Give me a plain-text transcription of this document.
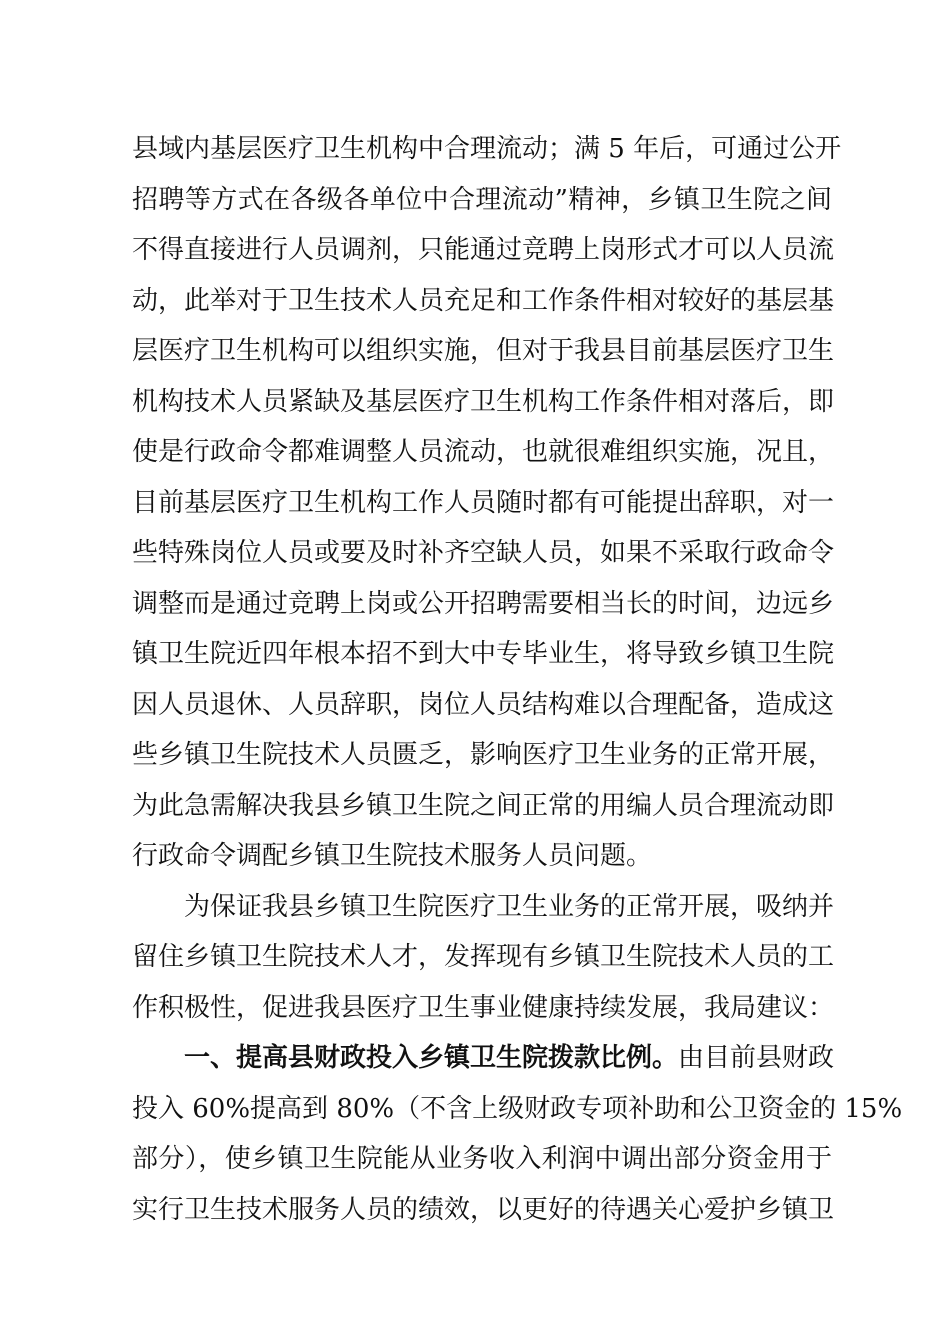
县域内基层医疗卫生机构中合理流动；满 5 年后，可通过公开
招聘等方式在各级各单位中合理流动”精神，乡镇卫生院之间
不得直接进行人员调剂，只能通过竞聘上岗形式才可以人员流
动，此举对于卫生技术人员充足和工作条件相对较好的基层基
层医疗卫生机构可以组织实施，但对于我县目前基层医疗卫生
机构技术人员紧缺及基层医疗卫生机构工作条件相对落后，即
使是行政命令都难调整人员流动，也就很难组织实施，况且，
目前基层医疗卫生机构工作人员随时都有可能提出辞职，对一
些特殊岗位人员或要及时补齐空缺人员，如果不采取行政命令
调整而是通过竞聘上岗或公开招聘需要相当长的时间，边远乡
镇卫生院近四年根本招不到大中专毕业生，将导致乡镇卫生院
因人员退休、人员辞职，岗位人员结构难以合理配备，造成这
些乡镇卫生院技术人员匮乏，影响医疗卫生业务的正常开展，
为此急需解决我县乡镇卫生院之间正常的用编人员合理流动即
行政命令调配乡镇卫生院技术服务人员问题。
为保证我县乡镇卫生院医疗卫生业务的正常开展，吸纳并
留住乡镇卫生院技术人才，发挥现有乡镇卫生院技术人员的工
作积极性，促进我县医疗卫生事业健康持续发展，我局建议：
一、提高县财政投入乡镇卫生院拨款比例。由目前县财政
投入 60%提高到 80%（不含上级财政专项补助和公卫资金的 15%
部分），使乡镇卫生院能从业务收入利润中调出部分资金用于
实行卫生技术服务人员的绩效，以更好的待遇关心爱护乡镇卫
